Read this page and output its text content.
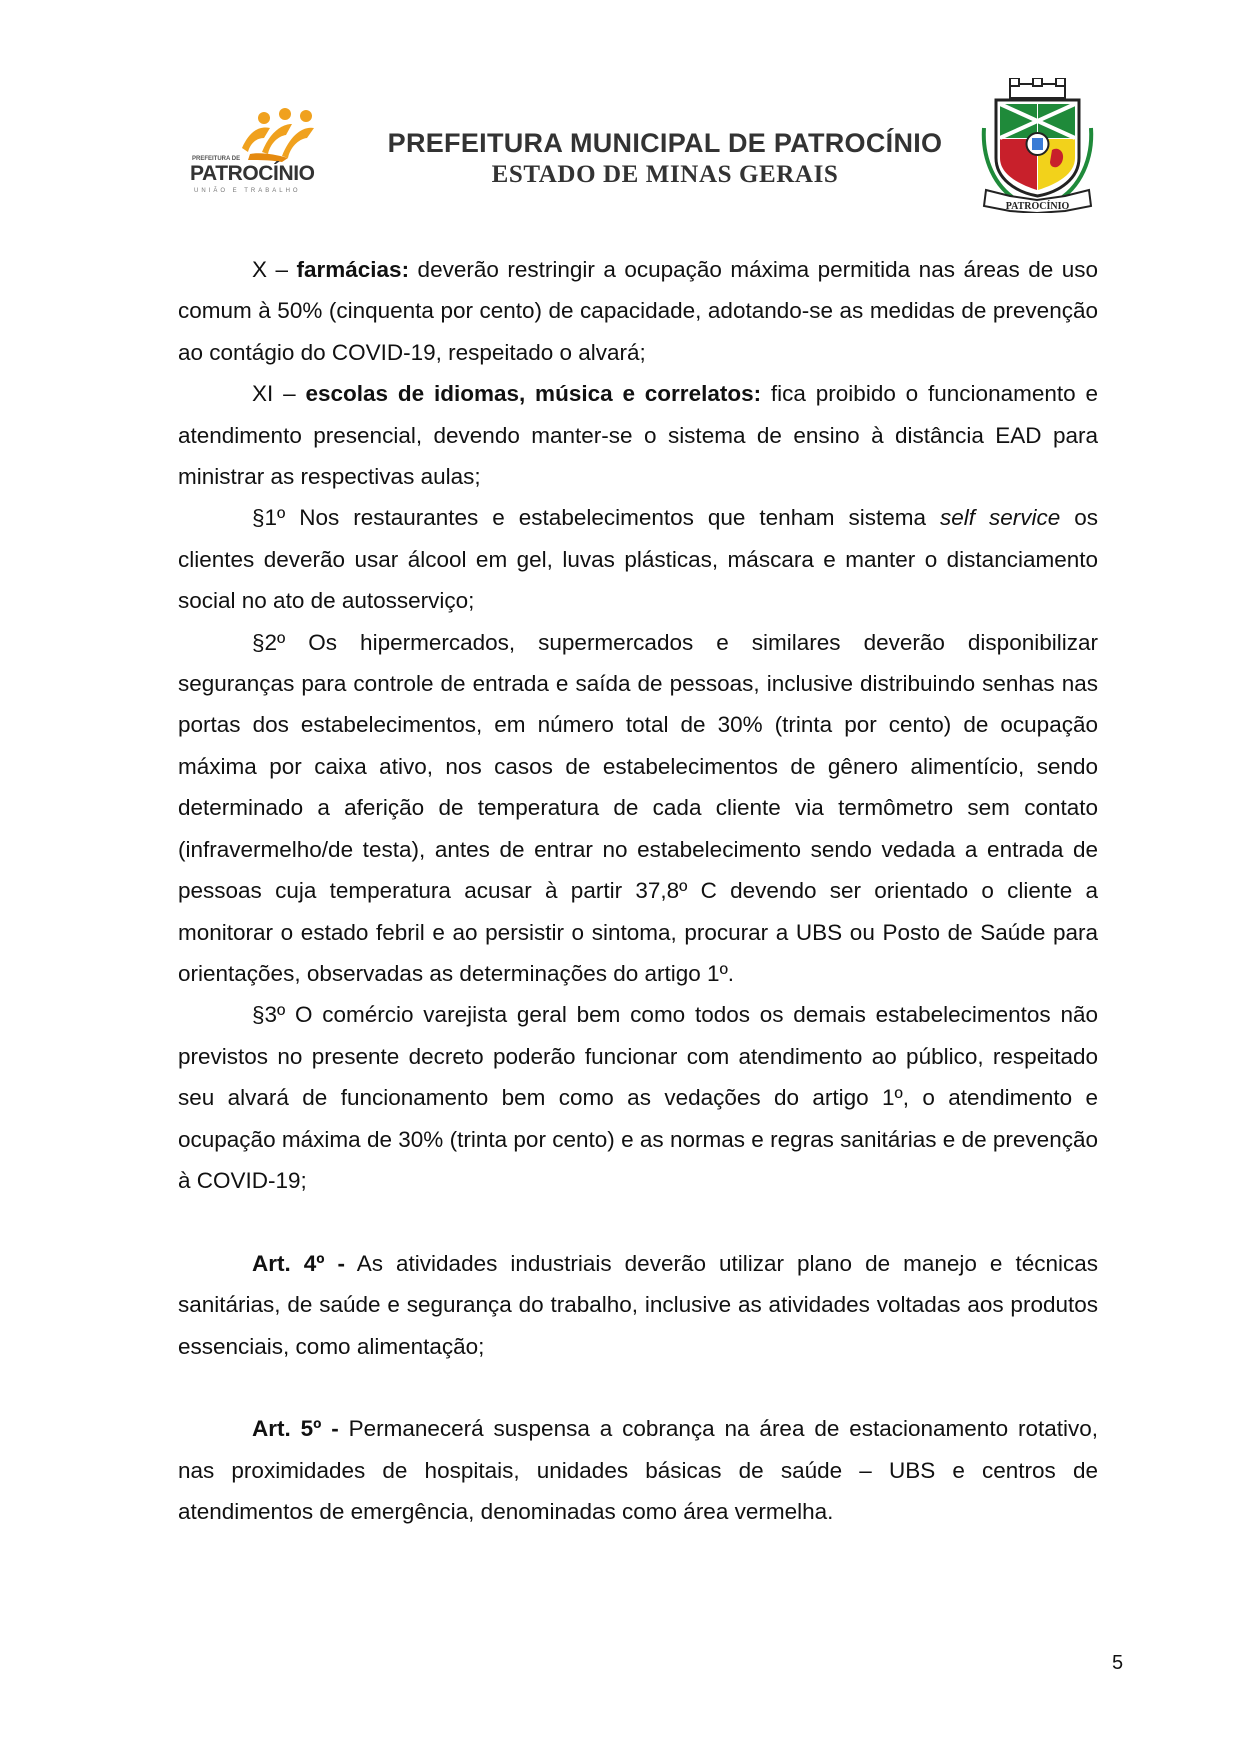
PREFEITURA DE
PATROCÍNIO
UNIÃO E TRABALHO
PREFEITURA MUNICIPAL DE PATROCÍNIO
ESTADO DE MINAS GERAIS
PATROCÍNIO

X – farmácias: deverão restringir a ocupação máxima permitida nas áreas de uso comum à 50% (cinquenta por cento) de capacidade, adotando-se as medidas de prevenção ao contágio do COVID-19, respeitado o alvará;

XI – escolas de idiomas, música e correlatos: fica proibido o funcionamento e atendimento presencial, devendo manter-se o sistema de ensino à distância EAD para ministrar as respectivas aulas;

§1º Nos restaurantes e estabelecimentos que tenham sistema self service os clientes deverão usar álcool em gel, luvas plásticas, máscara e manter o distanciamento social no ato de autosserviço;

§2º Os hipermercados, supermercados e similares deverão disponibilizar seguranças para controle de entrada e saída de pessoas, inclusive distribuindo senhas nas portas dos estabelecimentos, em número total de 30% (trinta por cento) de ocupação máxima por caixa ativo, nos casos de estabelecimentos de gênero alimentício, sendo determinado a aferição de temperatura de cada cliente via termômetro sem contato (infravermelho/de testa), antes de entrar no estabelecimento sendo vedada a entrada de pessoas cuja temperatura acusar à partir 37,8º C devendo ser orientado o cliente a monitorar o estado febril e ao persistir o sintoma, procurar a UBS ou Posto de Saúde para orientações, observadas as determinações do artigo 1º.

§3º O comércio varejista geral bem como todos os demais estabelecimentos não previstos no presente decreto poderão funcionar com atendimento ao público, respeitado seu alvará de funcionamento bem como as vedações do artigo 1º, o atendimento e ocupação máxima de 30% (trinta por cento) e as normas e regras sanitárias e de prevenção à COVID-19;

Art. 4º - As atividades industriais deverão utilizar plano de manejo e técnicas sanitárias, de saúde e segurança do trabalho, inclusive as atividades voltadas aos produtos essenciais, como alimentação;

Art. 5º - Permanecerá suspensa a cobrança na área de estacionamento rotativo, nas proximidades de hospitais, unidades básicas de saúde – UBS e centros de atendimentos de emergência, denominadas como área vermelha.

5
